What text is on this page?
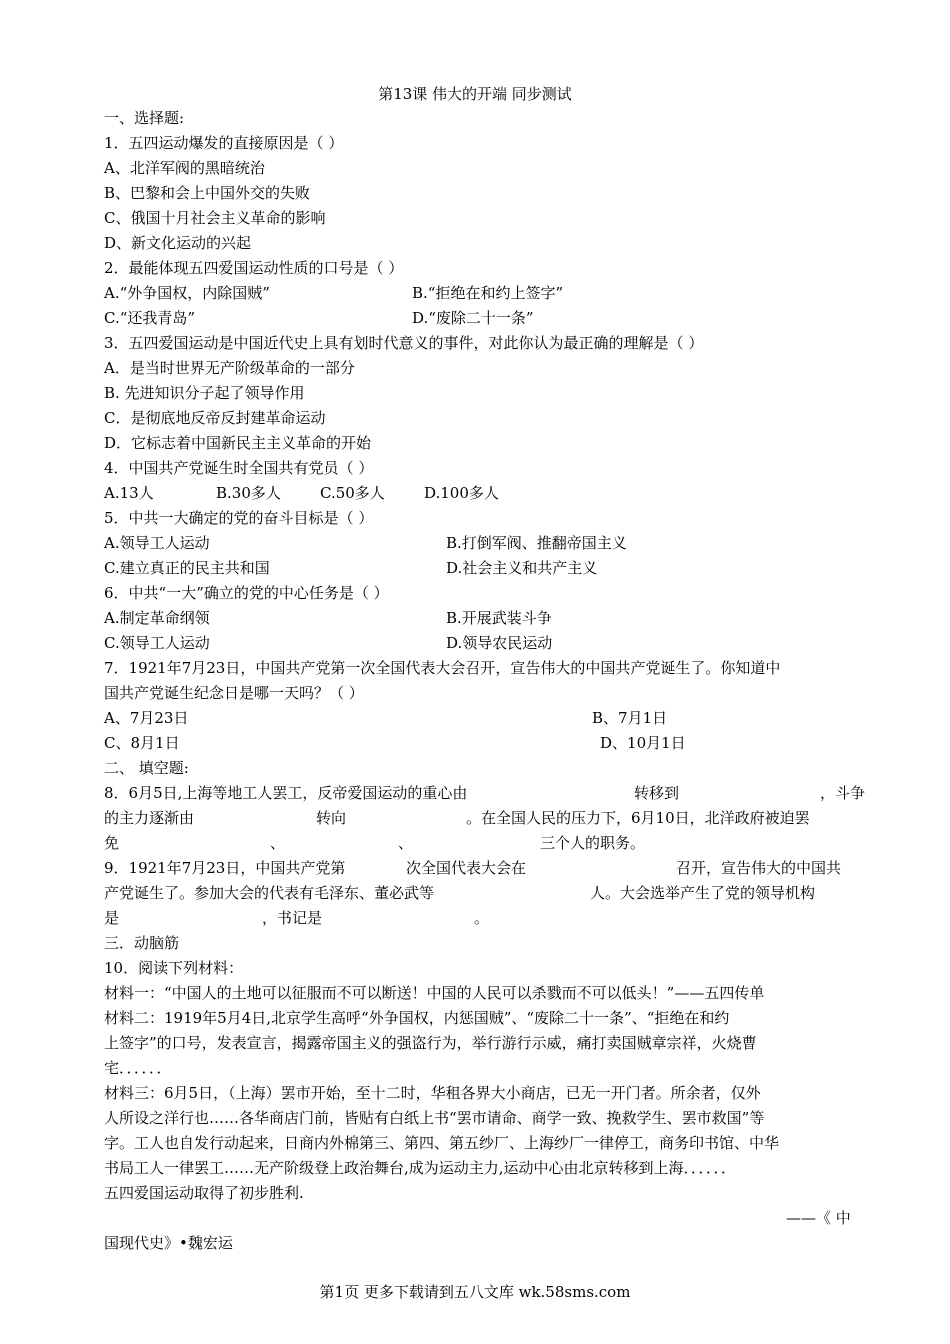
第13课 伟大的开端 同步测试
一、选择题:
1．五四运动爆发的直接原因是（ ）
A、北洋军阀的黑暗统治
B、巴黎和会上中国外交的失败
C、俄国十月社会主义革命的影响
D、新文化运动的兴起
2．最能体现五四爱国运动性质的口号是（ ）
A.“外争国权，内除国贼”	B.“拒绝在和约上签字”
C.“还我青岛”	D.“废除二十一条”
3．五四爱国运动是中国近代史上具有划时代意义的事件，对此你认为最正确的理解是（ ）
A．是当时世界无产阶级革命的一部分
B. 先进知识分子起了领导作用
C．是彻底地反帝反封建革命运动
D．它标志着中国新民主主义革命的开始
4．中国共产党诞生时全国共有党员（ ）
A.13人	B.30多人	C.50多人	D.100多人
5．中共一大确定的党的奋斗目标是（ ）
A.领导工人运动	B.打倒军阀、推翻帝国主义
C.建立真正的民主共和国	D.社会主义和共产主义
6．中共“一大”确立的党的中心任务是（ ）
A.制定革命纲领	B.开展武装斗争
C.领导工人运动	D.领导农民运动
7．1921年7月23日，中国共产党第一次全国代表大会召开，宣告伟大的中国共产党诞生了。你知道中
国共产党诞生纪念日是哪一天吗？（ ）
A、7月23日	B、7月1日
C、8月1日	D、10月1日
二、 填空题:
8．6月5日,上海等地工人罢工，反帝爱国运动的重心由	转移到	，斗争
的主力逐渐由	转向	。在全国人民的压力下，6月10日，北洋政府被迫罢
免	、	、	三个人的职务。
9．1921年7月23日，中国共产党第	次全国代表大会在	召开，宣告伟大的中国共
产党诞生了。参加大会的代表有毛泽东、董必武等	人。大会选举产生了党的领导机构
是	，书记是	。
三．动脑筋
10．阅读下列材料：
材料一：“中国人的土地可以征服而不可以断送！中国的人民可以杀戮而不可以低头！”——五四传单
材料二：1919年5月4日,北京学生高呼“外争国权，内惩国贼”、“废除二十一条”、“拒绝在和约
上签字”的口号，发表宣言，揭露帝国主义的强盗行为，举行游行示威，痛打卖国贼章宗祥，火烧曹
宅．．．．．．
材料三：6月5日，（上海）罢市开始，至十二时，华租各界大小商店，已无一开门者。所余者，仅外
人所设之洋行也……各华商店门前，皆贴有白纸上书“罢市请命、商学一致、挽救学生、罢市救国”等
字。工人也自发行动起来，日商内外棉第三、第四、第五纱厂、上海纱厂一律停工，商务印书馆、中华
书局工人一律罢工……无产阶级登上政治舞台,成为运动主力,运动中心由北京转移到上海．．．．．．
五四爱国运动取得了初步胜利.
——《 中
国现代史》•魏宏运
第1页 更多下载请到五八文库 wk.58sms.com
